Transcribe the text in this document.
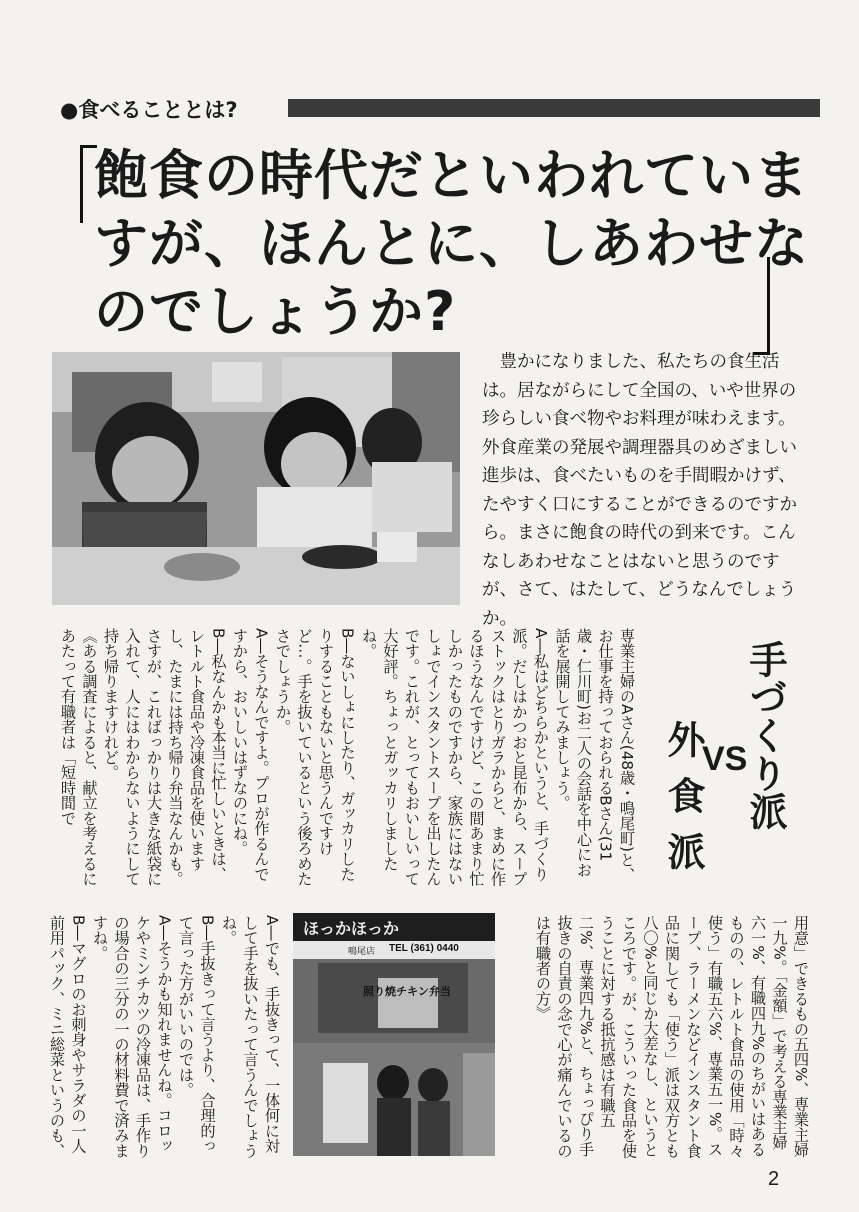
●食べることとは?
飽食の時代だといわれていま
すが、ほんとに、しあわせな
のでしょうか?

豊かになりました、私たちの食生活は。居ながらにして全国の、いや世界の珍らしい食べ物やお料理が味わえます。外食産業の発展や調理器具のめざましい進歩は、食べたいものを手間暇かけず、たやすく口にすることができるのですから。まさに飽食の時代の到来です。こんなしあわせなことはないと思うのですが、さて、はたして、どうなんでしょうか。

手づくり派
VS
外食派

専業主婦のAさん(48歳・鳴尾町)と、お仕事を持っておられるBさん(31歳・仁川町)お二人の会話を中心にお話を展開してみましょう。
A―私はどちらかというと、手づくり派。だしはかつおと昆布から、スープストックはとりガラからと、まめに作るほうなんですけど、この間あまり忙しかったものですから、家族にはないしょでインスタントスープを出したんです。これが、とってもおいしいって大好評。ちょっとガッカリしましたね。
B―ないしょにしたり、ガッカリしたりすることもないと思うんですけど…。手を抜いているという後ろめたさでしょうか。
A―そうなんですよ。プロが作るんですから、おいしいはずなのにね。
B―私なんかも本当に忙しいときは、レトルト食品や冷凍食品を使いますし、たまには持ち帰り弁当なんかも。さすが、こればっかりは大きな紙袋に入れて、人にはわからないようにして持ち帰りますけれど。
《ある調査によると、献立を考えるにあたって有職者は「短時間で

用意」できるもの五四%、専業主婦一九%。「金額」で考える専業主婦六一%、有職四九%のちがいはあるものの、レトルト食品の使用「時々使う」有職五六%、専業五一%。スープ、ラーメンなどインスタント食品に関しても「使う」派は双方とも八〇%と同じか大差なし、というところです。が、こういった食品を使うことに対する抵抗感は有職五二%、専業四九%と、ちょっぴり手抜きの自責の念で心が痛んでいるのは有職者の方》

ほっかほっか
TEL (361) 0440
鳴尾店
照り焼チキン弁当

A―でも、手抜きって、一体何に対して手を抜いたって言うんでしょうね。
B―手抜きって言うより、合理的って言った方がいいのでは。
A―そうかも知れませんね。コロッケやミンチカツの冷凍品は、手作りの場合の三分の一の材料費で済みますね。
B―マグロのお刺身やサラダの一人前用パック、ミニ総菜というのも、

2
